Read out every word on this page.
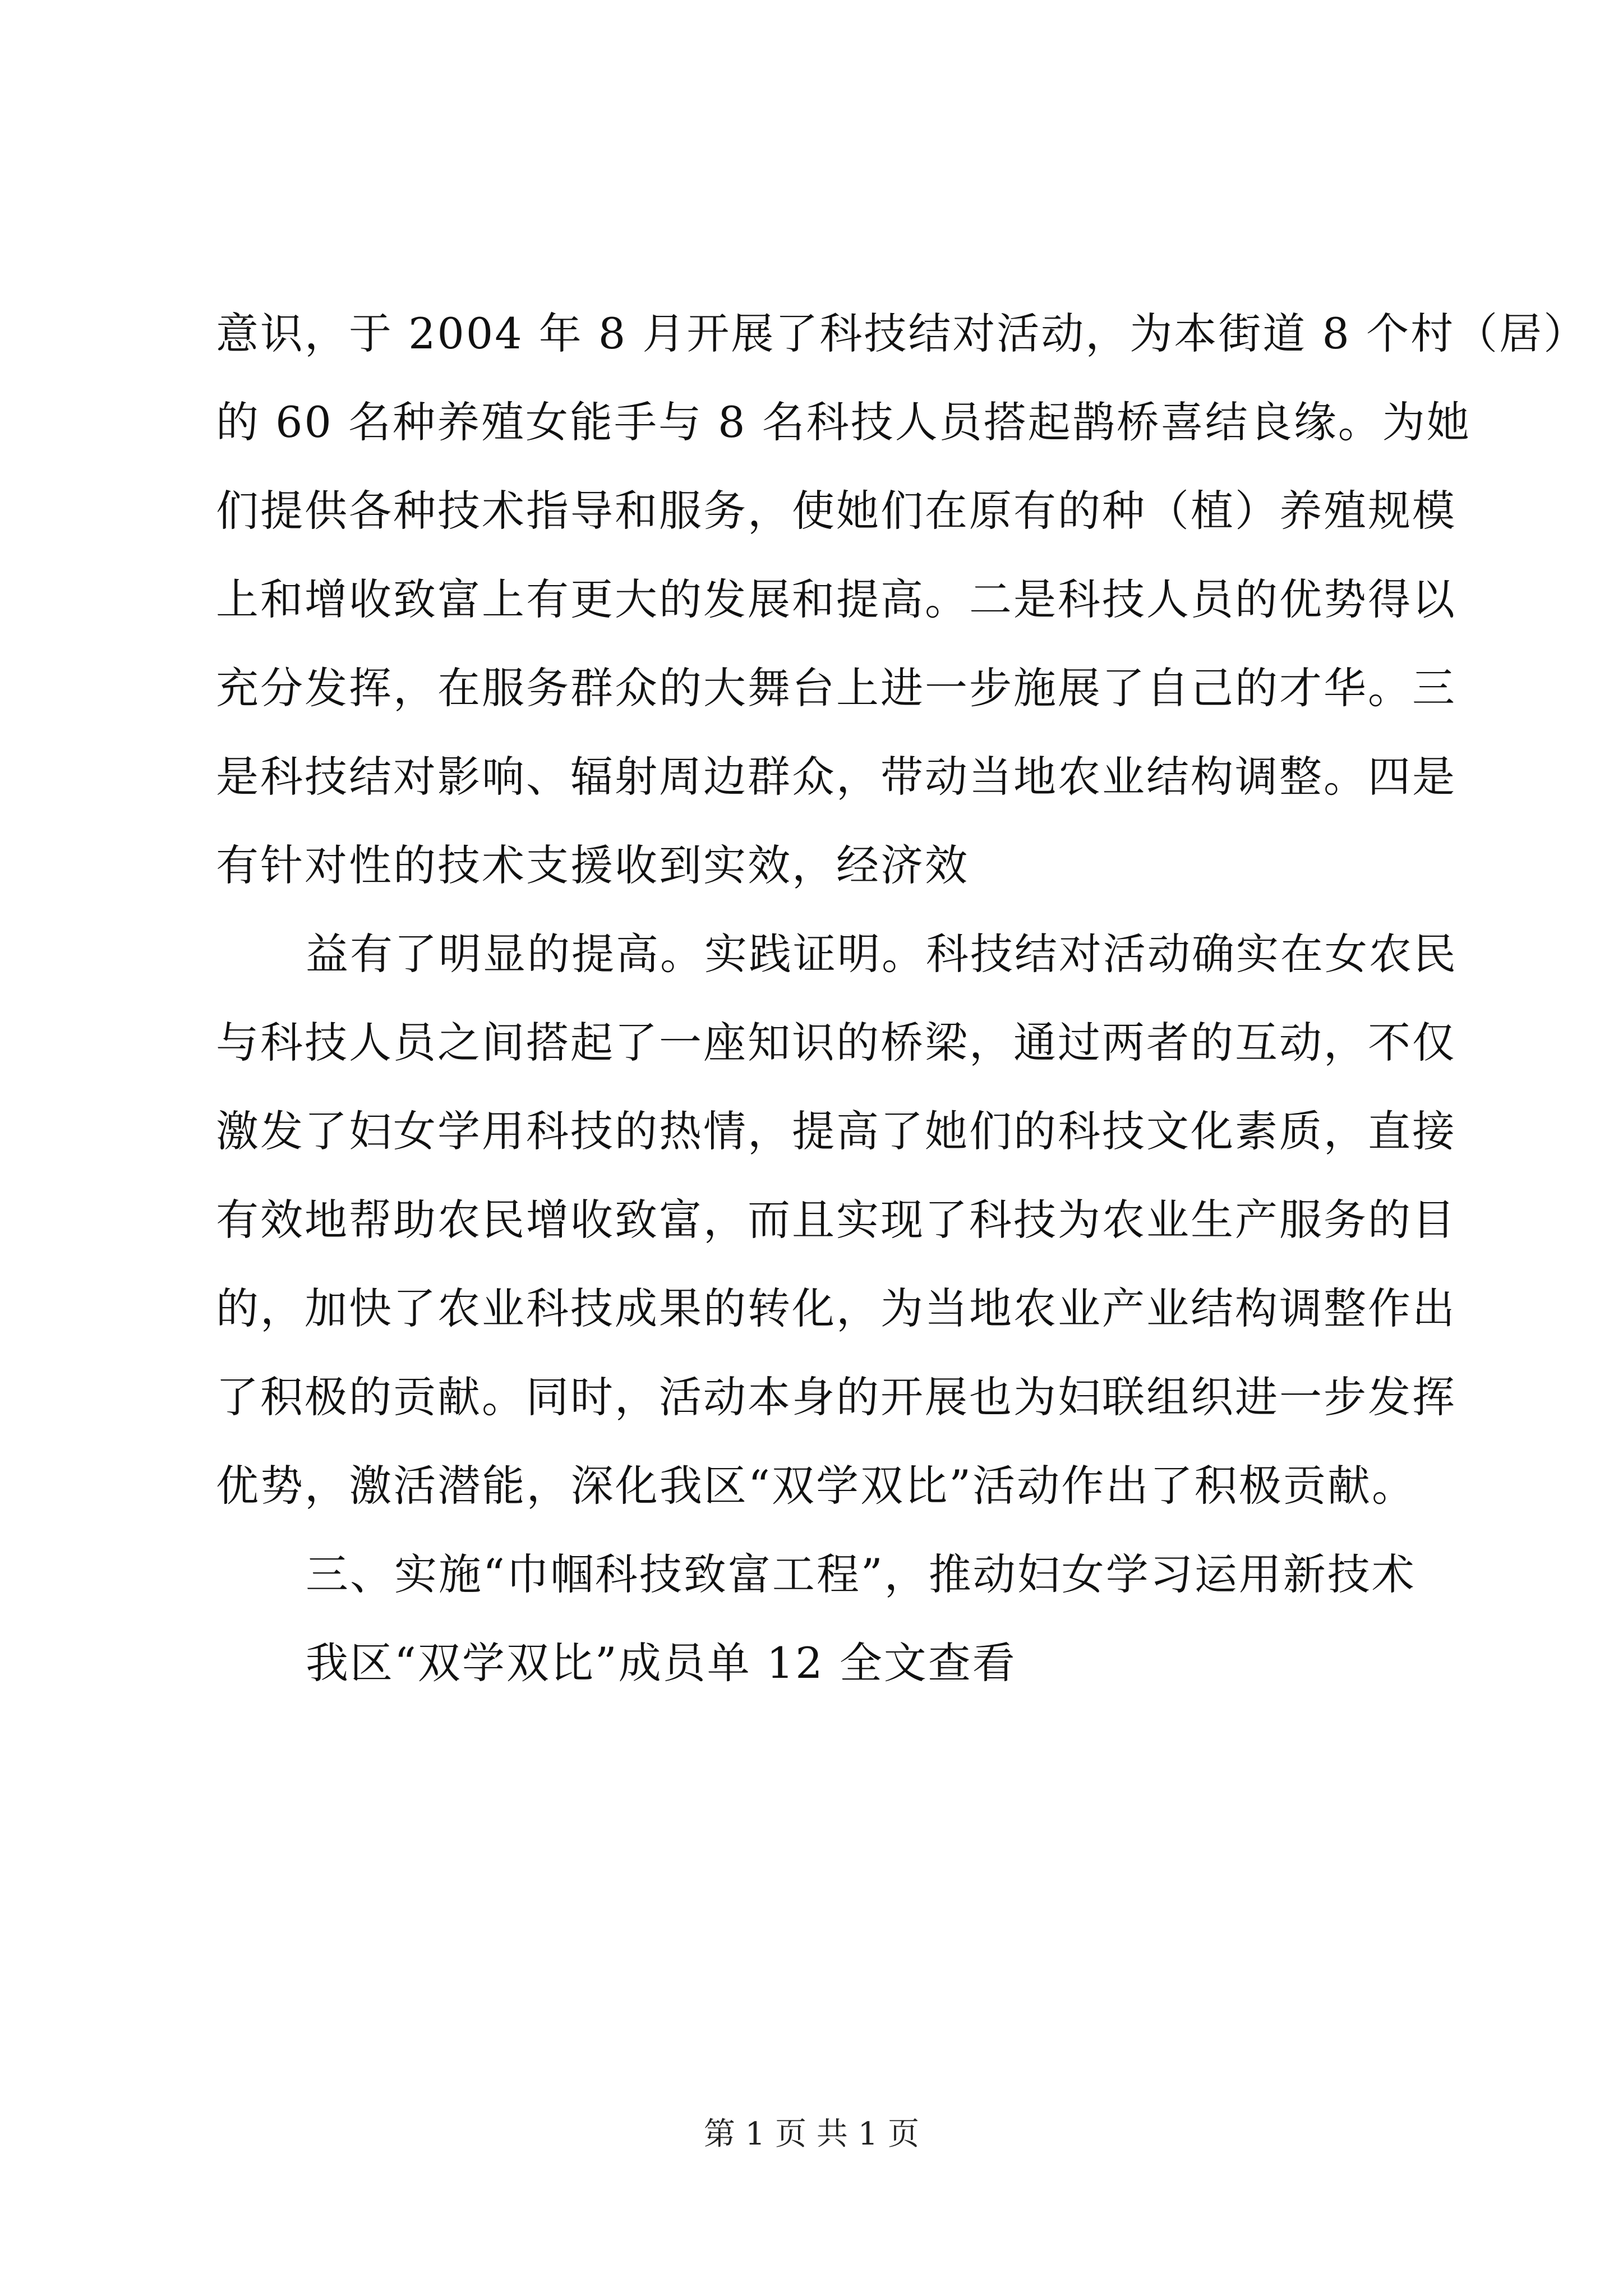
意识，于 2004 年 8 月开展了科技结对活动，为本街道 8 个村（居）
的 60 名种养殖女能手与 8 名科技人员搭起鹊桥喜结良缘。为她
们提供各种技术指导和服务，使她们在原有的种（植）养殖规模
上和增收致富上有更大的发展和提高。二是科技人员的优势得以
充分发挥，在服务群众的大舞台上进一步施展了自己的才华。三
是科技结对影响、辐射周边群众，带动当地农业结构调整。四是
有针对性的技术支援收到实效，经济效
益有了明显的提高。实践证明。科技结对活动确实在女农民
与科技人员之间搭起了一座知识的桥梁，通过两者的互动，不仅
激发了妇女学用科技的热情，提高了她们的科技文化素质，直接
有效地帮助农民增收致富，而且实现了科技为农业生产服务的目
的，加快了农业科技成果的转化，为当地农业产业结构调整作出
了积极的贡献。同时，活动本身的开展也为妇联组织进一步发挥
优势，激活潜能，深化我区“双学双比”活动作出了积极贡献。
三、实施“巾帼科技致富工程”，推动妇女学习运用新技术
我区“双学双比”成员单 12 全文查看
第 1 页 共 1 页
